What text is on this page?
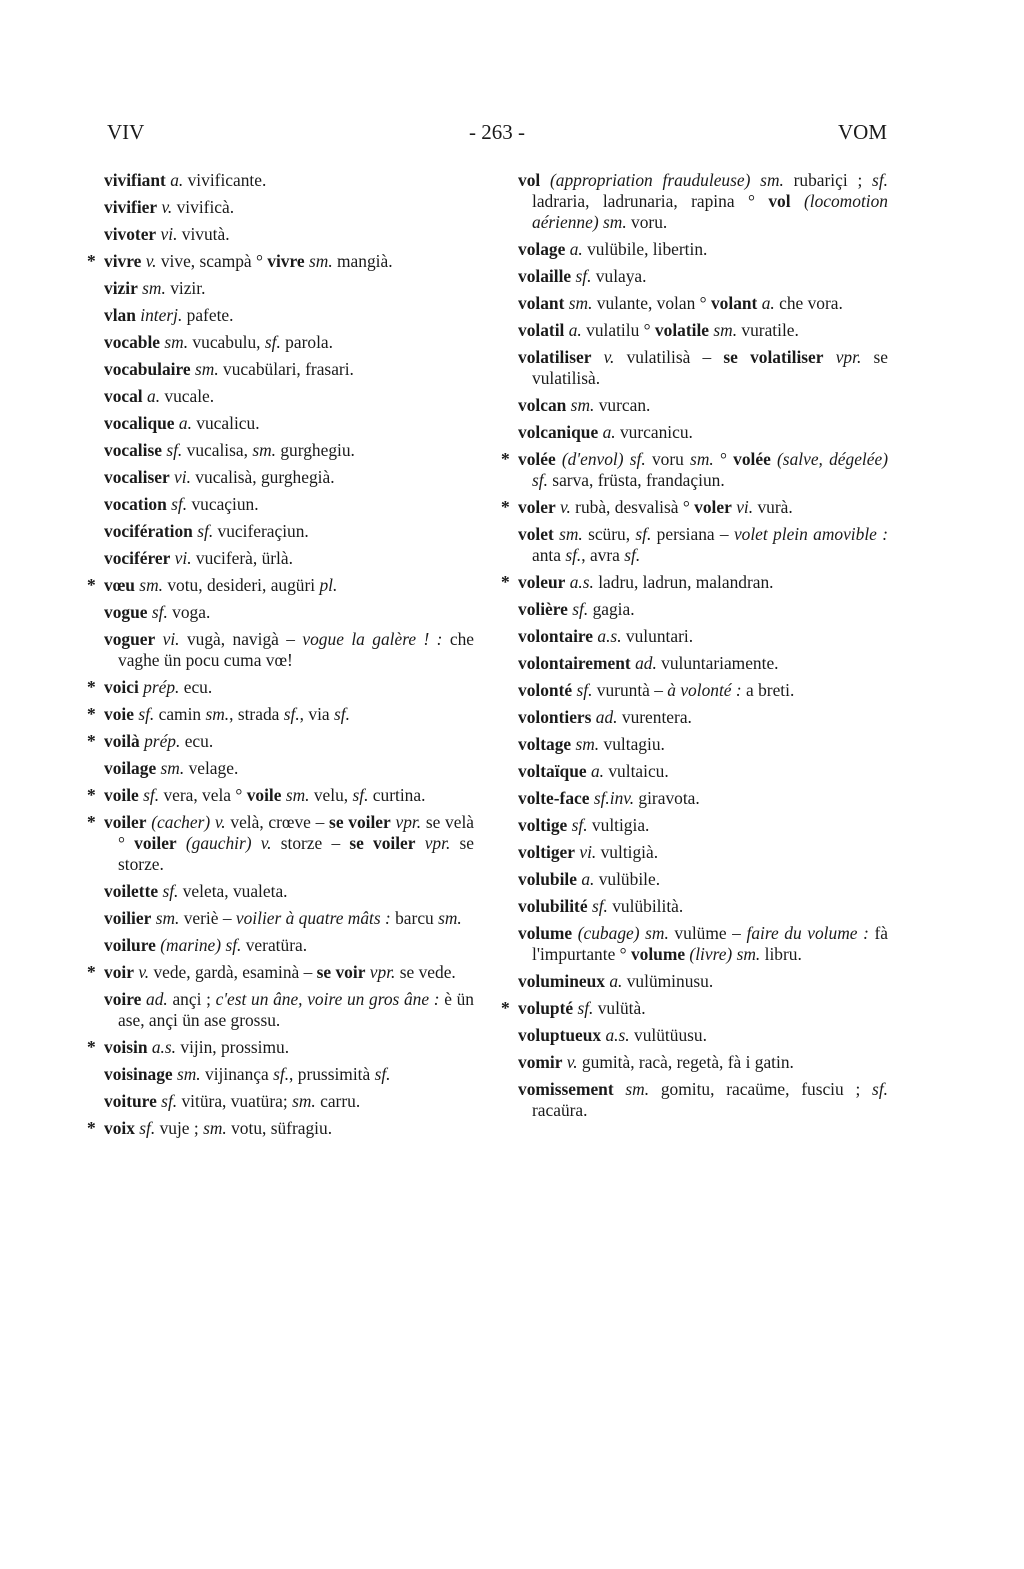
VIV	- 263 -	VOM

vivifiant a. vivificante.

vivifier v. vivificà.

vivoter vi. vivutà.

* vivre v. vive, scampà ° vivre sm. mangià.

vizir sm. vizir.

vlan interj. pafete.

vocable sm. vucabulu, sf. parola.

vocabulaire sm. vucabülari, frasari.

vocal a. vucale.

vocalique a. vucalicu.

vocalise sf. vucalisa, sm. gurghegiu.

vocaliser vi. vucalisà, gurghegià.

vocation sf. vucaçiun.

vocifération sf. vuciferaçiun.

vociférer vi. vuciferà, ürlà.

* vœu sm. votu, desideri, augüri pl.

vogue sf. voga.

voguer vi. vugà, navigà – vogue la galère ! : che vaghe ün pocu cuma vœ!

* voici prép. ecu.

* voie sf. camin sm., strada sf., via sf.

* voilà prép. ecu.

voilage sm. velage.

* voile sf. vera, vela ° voile sm. velu, sf. curtina.

* voiler (cacher) v. velà, crœve – se voiler vpr. se velà ° voiler (gauchir) v. storze – se voiler vpr. se storze.

voilette sf. veleta, vualeta.

voilier sm. veriè – voilier à quatre mâts : barcu sm.

voilure (marine) sf. veratüra.

* voir v. vede, gardà, esaminà – se voir vpr. se vede.

voire ad. ançi ; c'est un âne, voire un gros âne : è ün ase, ançi ün ase grossu.

* voisin a.s. vijin, prossimu.

voisinage sm. vijinança sf., prussimità sf.

voiture sf. vitüra, vuatüra; sm. carru.

* voix sf. vuje ; sm. votu, süfragiu.

vol (appropriation frauduleuse) sm. rubariçi ; sf. ladraria, ladrunaria, rapina ° vol (locomotion aérienne) sm. voru.

volage a. vulübile, libertin.

volaille sf. vulaya.

volant sm. vulante, volan ° volant a. che vora.

volatil a. vulatilu ° volatile sm. vuratile.

volatiliser v. vulatilisà – se volatiliser vpr. se vulatilisà.

volcan sm. vurcan.

volcanique a. vurcanicu.

* volée (d'envol) sf. voru sm. ° volée (salve, dégelée) sf. sarva, früsta, frandaçiun.

* voler v. rubà, desvalisà ° voler vi. vurà.

volet sm. scüru, sf. persiana – volet plein amovible : anta sf., avra sf.

* voleur a.s. ladru, ladrun, malandran.

volière sf. gagia.

volontaire a.s. vuluntari.

volontairement ad. vuluntariamente.

volonté sf. vuruntà – à volonté : a breti.

volontiers ad. vurentera.

voltage sm. vultagiu.

voltaïque a. vultaicu.

volte-face sf.inv. giravota.

voltige sf. vultigia.

voltiger vi. vultigià.

volubile a. vulübile.

volubilité sf. vulübilità.

volume (cubage) sm. vulüme – faire du volume : fà l'impurtante ° volume (livre) sm. libru.

volumineux a. vulüminusu.

* volupté sf. vulütà.

voluptueux a.s. vulütüusu.

vomir v. gumità, racà, regetà, fà i gatin.

vomissement sm. gomitu, racaüme, fusciu ; sf. racaüra.
